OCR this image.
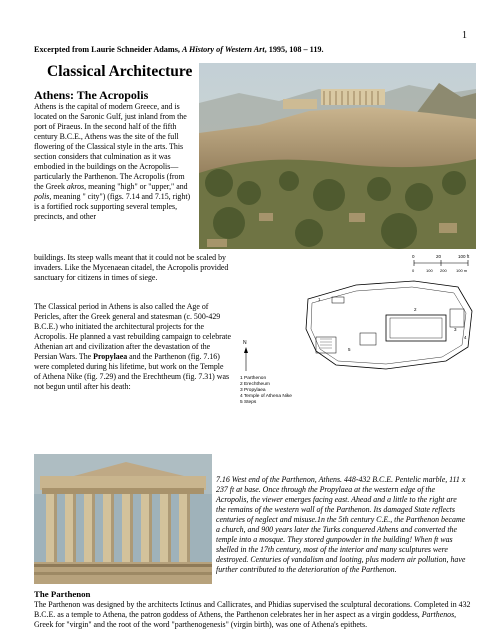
1
Excerpted from Laurie Schneider Adams, A History of Western Art, 1995, 108 – 119.
Classical Architecture
Athens: The Acropolis
Athens is the capital of modern Greece, and is located on the Saronic Gulf, just inland from the port of Piraeus. In the second half of the fifth century B.C.E., Athens was the site of the full flowering of the Classical style in the arts. This section considers that culmination as it was embodied in the buildings on the Acropolis—particularly the Parthenon. The Acropolis (from the Greek akros, meaning "high" or "upper," and polis, meaning " city") (figs. 7.14 and 7.15, right) is a fortified rock supporting several temples, precincts, and other
buildings. Its steep walls meant that it could not be scaled by invaders. Like the Mycenaean citadel, the Acropolis provided sanctuary for citizens in times of siege.
The Classical period in Athens is also called the Age of Pericles, after the Greek general and statesman (c. 500-429 B.C.E.) who initiated the architectural projects for the Acropolis. He planned a vast rebuilding campaign to celebrate Athenian art and civilization after the devastation of the Persian Wars. The Propylaea and the Parthenon (fig. 7.16) were completed during his lifetime, but work on the Temple of Athena Nike (fig. 7.29) and the Erechtheum (fig. 7.31) was not begun until after his death:
0	20	100 ft
0	100 200 100 m
1
2
3
4
5
N
1 Parthenon
2 Erechtheum
3 Propylaea
4 Temple of Athena Nike
5 Steps
7.16 West end of the Parthenon, Athens. 448-432 B.C.E. Pentelic marble, 111 x 237 ft at base. Once through the Propylaea at the western edge of the Acropolis, the viewer emerges facing east. Ahead and a little to the right are the remains of the western wall of the Parthenon. Its damaged State reflects centuries of neglect and misuse.1n the 5th century C.E., the Parthenon became a church, and 900 years later the Turks conquered Athens and converted the temple into a mosque. They stored gunpowder in the building! When ft was shelled in the 17th century, most of the interior and many sculptures were destroyed. Centuries of vandalism and looting, plus modern air pollution, have further contributed to the deterioration of the Parthenon.
The Parthenon
The Parthenon was designed by the architects Ictinus and Callicrates, and Phidias supervised the sculptural decorations. Completed in 432 B.C.E. as a temple to Athena, the patron goddess of Athens, the Parthenon celebrates her in her aspect as a virgin goddess, Parthenos, Greek for "virgin" and the root of the word "parthenogenesis" (virgin birth), was one of Athena's epithets.
